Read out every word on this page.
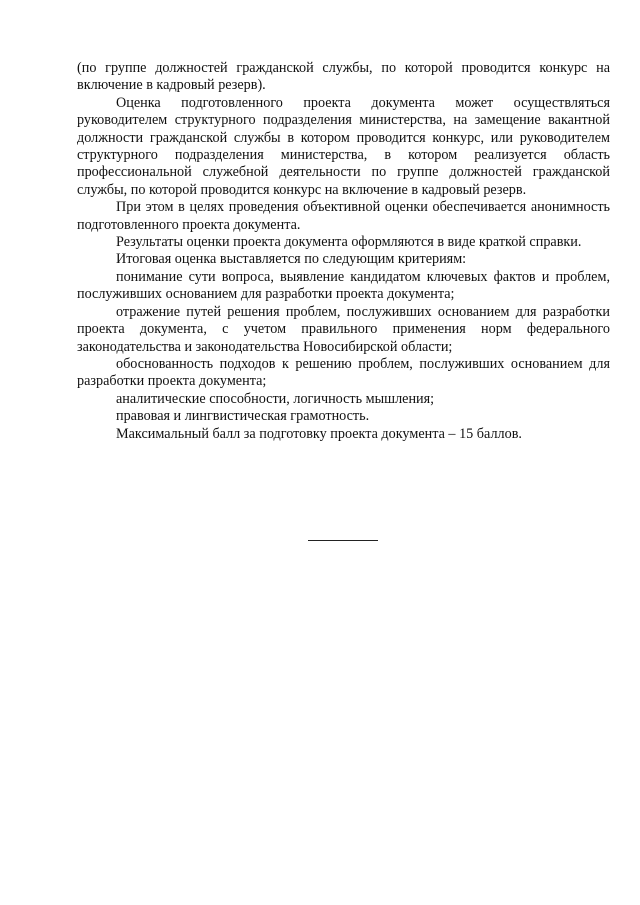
(по группе должностей гражданской службы, по которой проводится конкурс на включение в кадровый резерв).

Оценка подготовленного проекта документа может осуществляться руководителем структурного подразделения министерства, на замещение вакантной должности гражданской службы в котором проводится конкурс, или руководителем структурного подразделения министерства, в котором реализуется область профессиональной служебной деятельности по группе должностей гражданской службы, по которой проводится конкурс на включение в кадровый резерв.

При этом в целях проведения объективной оценки обеспечивается анонимность подготовленного проекта документа.

Результаты оценки проекта документа оформляются в виде краткой справки.

Итоговая оценка выставляется по следующим критериям:

понимание сути вопроса, выявление кандидатом ключевых фактов и проблем, послуживших основанием для разработки проекта документа;

отражение путей решения проблем, послуживших основанием для разработки проекта документа, с учетом правильного применения норм федерального законодательства и законодательства Новосибирской области;

обоснованность подходов к решению проблем, послуживших основанием для разработки проекта документа;

аналитические способности, логичность мышления;

правовая и лингвистическая грамотность.

Максимальный балл за подготовку проекта документа – 15 баллов.
